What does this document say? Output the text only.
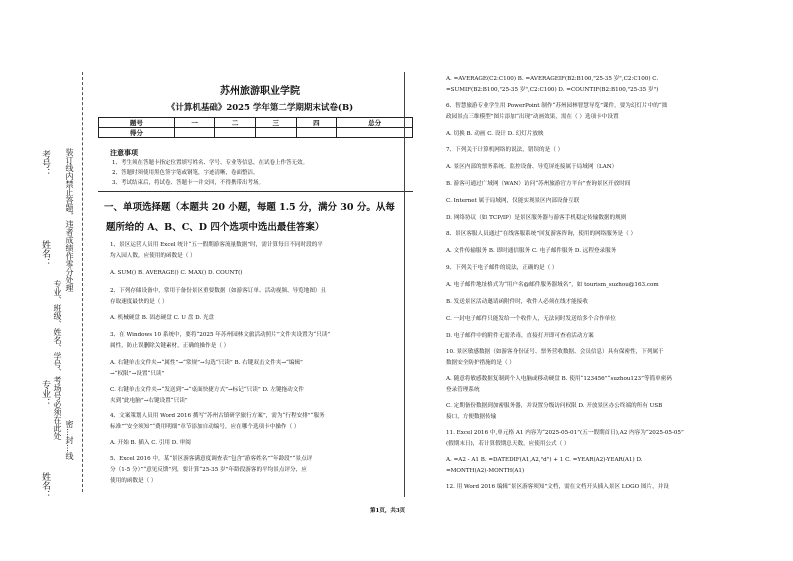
考号：
姓名： 装订线内禁止答题，违者成绩作零分处理
专业、班级、姓名、学号、考场号必须在此处
专业：
密…封…线
姓名：
苏州旅游职业学院
《计算机基础》2025 学年第二学期期末试卷(B)
题号	一	二	三	四	总分
得分					
注意事项
1、考生须在答题卡指定位置填写姓名、学号、专业等信息，在试卷上作答无效。
2、答题时须使用黑色签字笔或钢笔，字迹清晰，卷面整洁。
3、考试结束后，将试卷、答题卡一并交回，不得携带出考场。
一、单项选择题（本题共 20 小题，每题 1.5 分，满分 30 分。从每
题所给的 A、B、C、D 四个选项中选出最佳答案）
1、景区运营人员用 Excel 统计“五一假期游客流量数据”时，需计算每日不同时段的平
均入园人数，应使用的函数是（ ）
A. SUM() B. AVERAGE() C. MAX() D. COUNT()
2、下列存储设备中，常用于备份景区重要数据（如游客订单、活动视频、导览地图）且
存取速度最快的是（ ）
A. 机械硬盘 B. 固态硬盘 C. U 盘 D. 光盘
3、在 Windows 10 系统中，要将“2025 年苏州园林文旅活动照片”文件夹设置为“只读”
属性，防止误删除关键素材，正确的操作是（ ）
A. 右键单击文件夹→“属性”→“常规”→勾选“只读” B. 右键双击文件夹→“编辑”
→“权限”→设置“只读”
C. 右键单击文件夹→“发送到”→“桌面快捷方式”→标记“只读” D. 左键拖动文件
夹到“此电脑”→右键设置“只读”
4、文案策划人员用 Word 2016 撰写“苏州古镇研学旅行方案”，需为“行程安排”“服务
标准”“安全须知”“费用明细”章节添加自动编号，应在哪个选项卡中操作（ ）
A. 开始 B. 插入 C. 引用 D. 审阅
5、Excel 2016 中，某“景区游客满意度调查表”包含“游客姓名”“年龄段”“景点评
分（1-5 分）”“意见反馈”列，要计算“25-35 岁”年龄段游客的平均景点评分，应
使用的函数是（ ）
A. =AVERAGE(C2:C100) B. =AVERAGEIF(B2:B100,"25-35 岁",C2:C100) C.
=SUMIF(B2:B100,"25-35 岁",C2:C100) D. =COUNTIF(B2:B100,"25-35 岁")
6、智慧旅游专业学生用 PowerPoint 制作“苏州园林智慧导览”课件，要为幻灯片中的“拙
政园景点三维模型”图片添加“出现”动画效果，需在（ ）选项卡中设置
A. 切换 B. 动画 C. 设计 D. 幻灯片放映
7、下列关于计算机网络的说法，错误的是（ ）
A. 景区内部的票务系统、监控设备、导览屏连接属于局域网（LAN）
B. 游客可通过广域网（WAN）访问“苏州旅游官方平台”查询景区开放时间
C. Internet 属于局域网，仅能实现景区内部设备互联
D. 网络协议（如 TCP/IP）是景区服务器与游客手机稳定传输数据的规则
8、景区客服人员通过“在线客服系统”回复游客咨询，使用的网络服务是（ ）
A. 文件传输服务 B. 即时通信服务 C. 电子邮件服务 D. 远程登录服务
9、下列关于电子邮件的说法，正确的是（ ）
A. 电子邮件地址格式为“用户名@邮件服务器域名”，如 tourism_suzhou@163.com
B. 发送景区活动邀请函附件时，收件人必须在线才能接收
C. 一封电子邮件只能发给一个收件人，无法同时发送给多个合作单位
D. 电子邮件中的附件无需杀毒，直接打开即可查看活动方案
10. 景区敏感数据（如游客身份证号、票务营收数据、会员信息）具有保密性，下列属于
数据安全防护措施的是（ ）
A. 随意将敏感数据复制到个人电脑或移动硬盘 B. 使用“123456”“suzhou123”等简单密码
登录管理系统
C. 定期备份数据到加密服务器，并设置分级访问权限 D. 开放景区办公终端的所有 USB
接口，方便数据传输
11. Excel 2016 中,单元格 A1 内容为“2025-05-01”(五一假期首日),A2 内容为“2025-05-05”
(假期末日)，若计算假期总天数，应使用公式（ ）
A. =A2 - A1 B. =DATEDIF(A1,A2,"d") + 1 C. =YEAR(A2)-YEAR(A1) D.
=MONTH(A2)-MONTH(A1)
12. 用 Word 2016 编辑“景区游客须知”文档，需在文档开头插入景区 LOGO 图片，并设
第1页，共3页
